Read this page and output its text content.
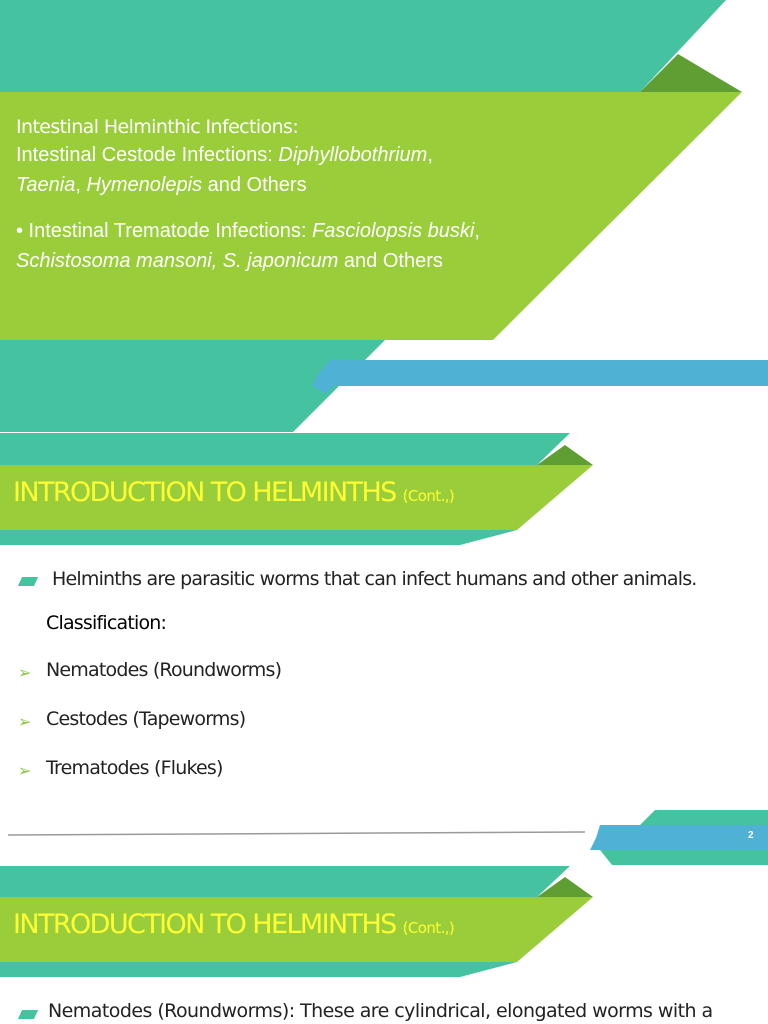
Intestinal Helminthic Infections:
Intestinal Cestode Infections: Diphyllobothrium,
Taenia, Hymenolepis and Others
• Intestinal Trematode Infections: Fasciolopsis buski,
Schistosoma mansoni, S. japonicum and Others
INTRODUCTION TO HELMINTHS (Cont.,)
Helminths are parasitic worms that can infect humans and other animals.
Classification:
➢ Nematodes (Roundworms)
➢ Cestodes (Tapeworms)
➢ Trematodes (Flukes)
2
INTRODUCTION TO HELMINTHS (Cont.,)
Nematodes (Roundworms): These are cylindrical, elongated worms with a
